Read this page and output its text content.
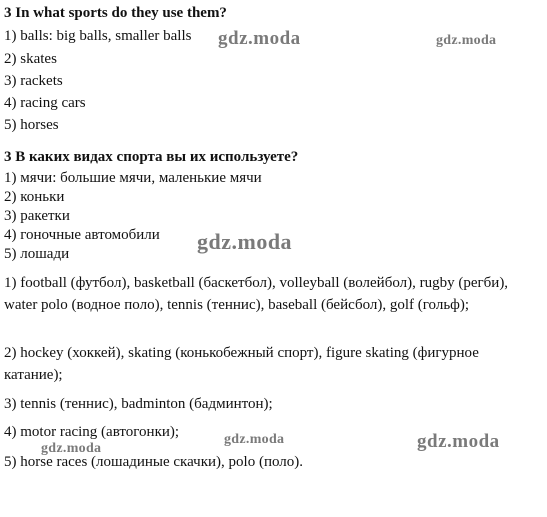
3 In what sports do they use them?
1) balls: big balls, smaller balls
2) skates
3) rackets
4) racing cars
5) horses
3 В каких видах спорта вы их используете?
1) мячи: большие мячи, маленькие мячи
2) коньки
3) ракетки
4) гоночные автомобили
5) лошади
1) football (футбол), basketball (баскетбол), volleyball (волейбол), rugby (регби), water polo (водное поло), tennis (теннис), baseball (бейсбол), golf (гольф);
2) hockey (хоккей), skating (конькобежный спорт), figure skating (фигурное катание);
3) tennis (теннис), badminton (бадминтон);
4) motor racing (автогонки);
5) horse races (лошадиные скачки), polo (поло).
gdz.moda	gdz.moda
gdz.moda
gdz.moda	gdz.moda
gdz.moda
